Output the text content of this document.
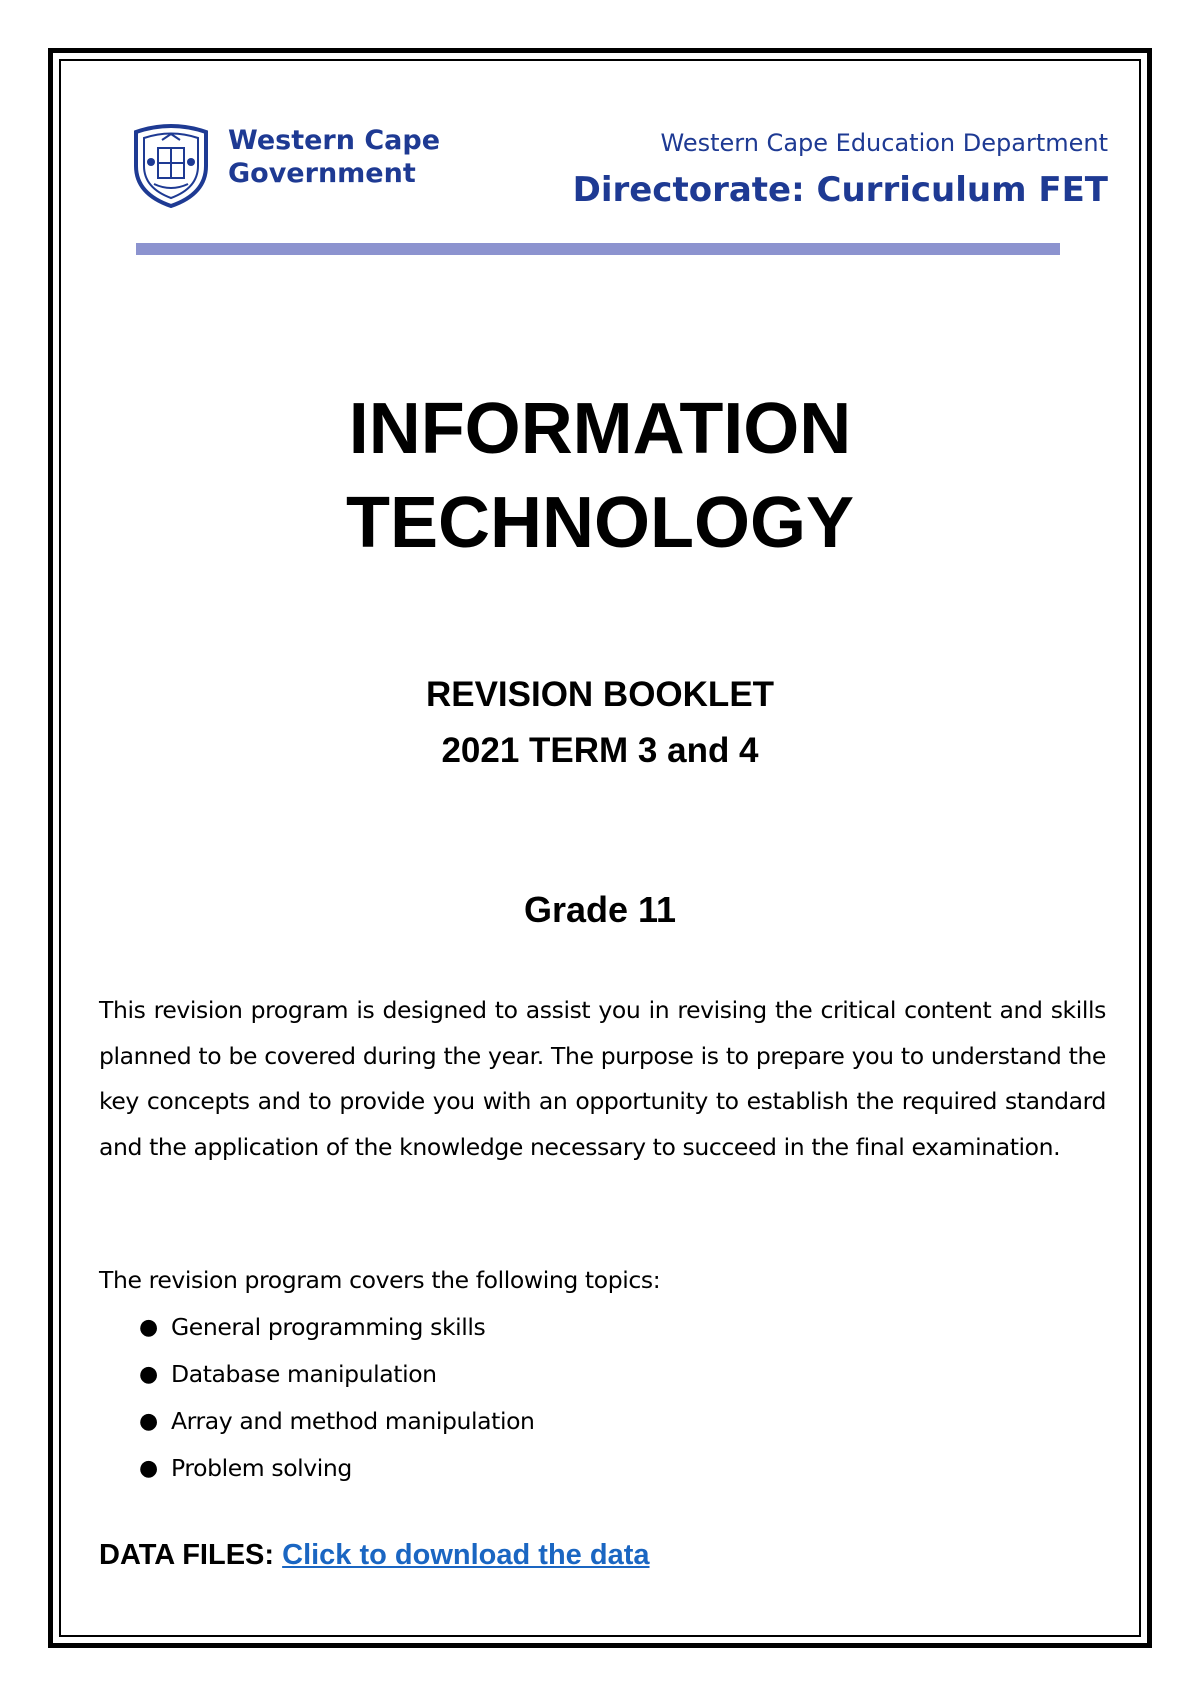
Western Cape
Government
Western Cape Education Department
Directorate: Curriculum FET
INFORMATION
TECHNOLOGY
REVISION BOOKLET
2021 TERM 3 and 4
Grade 11

This revision program is designed to assist you in revising the critical content and skills planned to be covered during the year. The purpose is to prepare you to understand the key concepts and to provide you with an opportunity to establish the required standard and the application of the knowledge necessary to succeed in the final examination.

The revision program covers the following topics:

● General programming skills
● Database manipulation
● Array and method manipulation
● Problem solving

DATA FILES: Click to download the data
